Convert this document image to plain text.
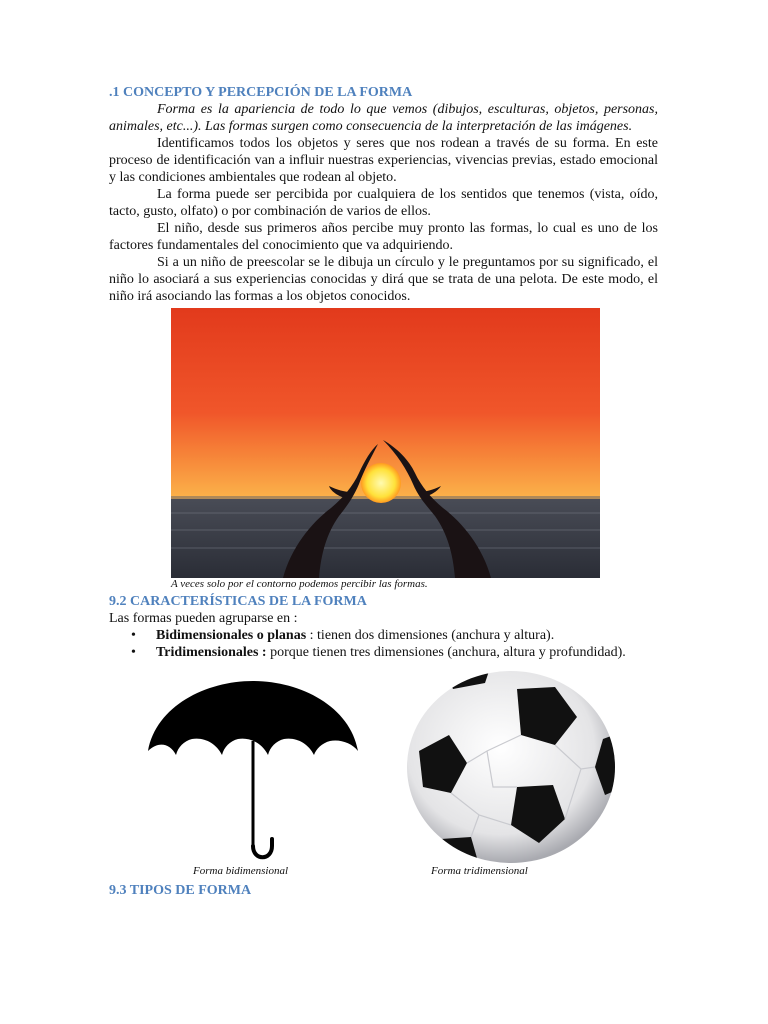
.1 CONCEPTO Y PERCEPCIÓN DE LA FORMA

Forma es la apariencia de todo lo que vemos (dibujos, esculturas, objetos, personas, animales, etc...). Las formas surgen como consecuencia de la interpretación de las imágenes.

Identificamos todos los objetos y seres que nos rodean a través de su forma. En este proceso de identificación van a influir nuestras experiencias, vivencias previas, estado emocional y las condiciones ambientales que rodean al objeto.

La forma puede ser percibida por cualquiera de los sentidos que tenemos (vista, oído, tacto, gusto, olfato) o por combinación de varios de ellos.

El niño, desde sus primeros años percibe muy pronto las formas, lo cual es uno de los factores fundamentales del conocimiento que va adquiriendo.

Si a un niño de preescolar se le dibuja un círculo y le preguntamos por su significado, el niño lo asociará a sus experiencias conocidas y dirá que se trata de una pelota. De este modo, el niño irá asociando las formas a los objetos conocidos.

A veces solo por el contorno podemos percibir las formas.

9.2 CARACTERÍSTICAS DE LA FORMA

Las formas pueden agruparse en :

• Bidimensionales o planas : tienen dos dimensiones (anchura y altura).
• Tridimensionales : porque tienen tres dimensiones (anchura, altura y profundidad).
Forma bidimensional	Forma tridimensional
9.3 TIPOS DE FORMA
